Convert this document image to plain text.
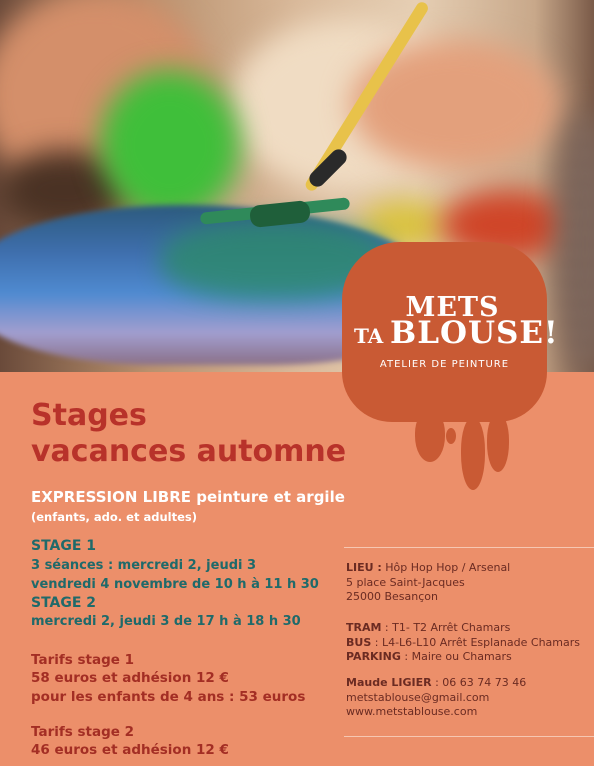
METS
TA BLOUSE!
ATELIER DE PEINTURE
Stages
vacances automne

EXPRESSION LIBRE peinture et argile

(enfants, ado. et adultes)

STAGE 1

3 séances : mercredi 2, jeudi 3

vendredi 4 novembre de 10 h à 11 h 30

STAGE 2

mercredi 2, jeudi 3 de 17 h à 18 h 30

Tarifs stage 1

58 euros et adhésion 12 €

pour les enfants de 4 ans : 53 euros

Tarifs stage 2

46 euros et adhésion 12 €

LIEU : Hôp Hop Hop / Arsenal
5 place Saint-Jacques
25000 Besançon
TRAM : T1- T2 Arrêt Chamars
BUS : L4-L6-L10 Arrêt Esplanade Chamars
PARKING : Maire ou Chamars
Maude LIGIER : 06 63 74 73 46
metstablouse@gmail.com
www.metstablouse.com
